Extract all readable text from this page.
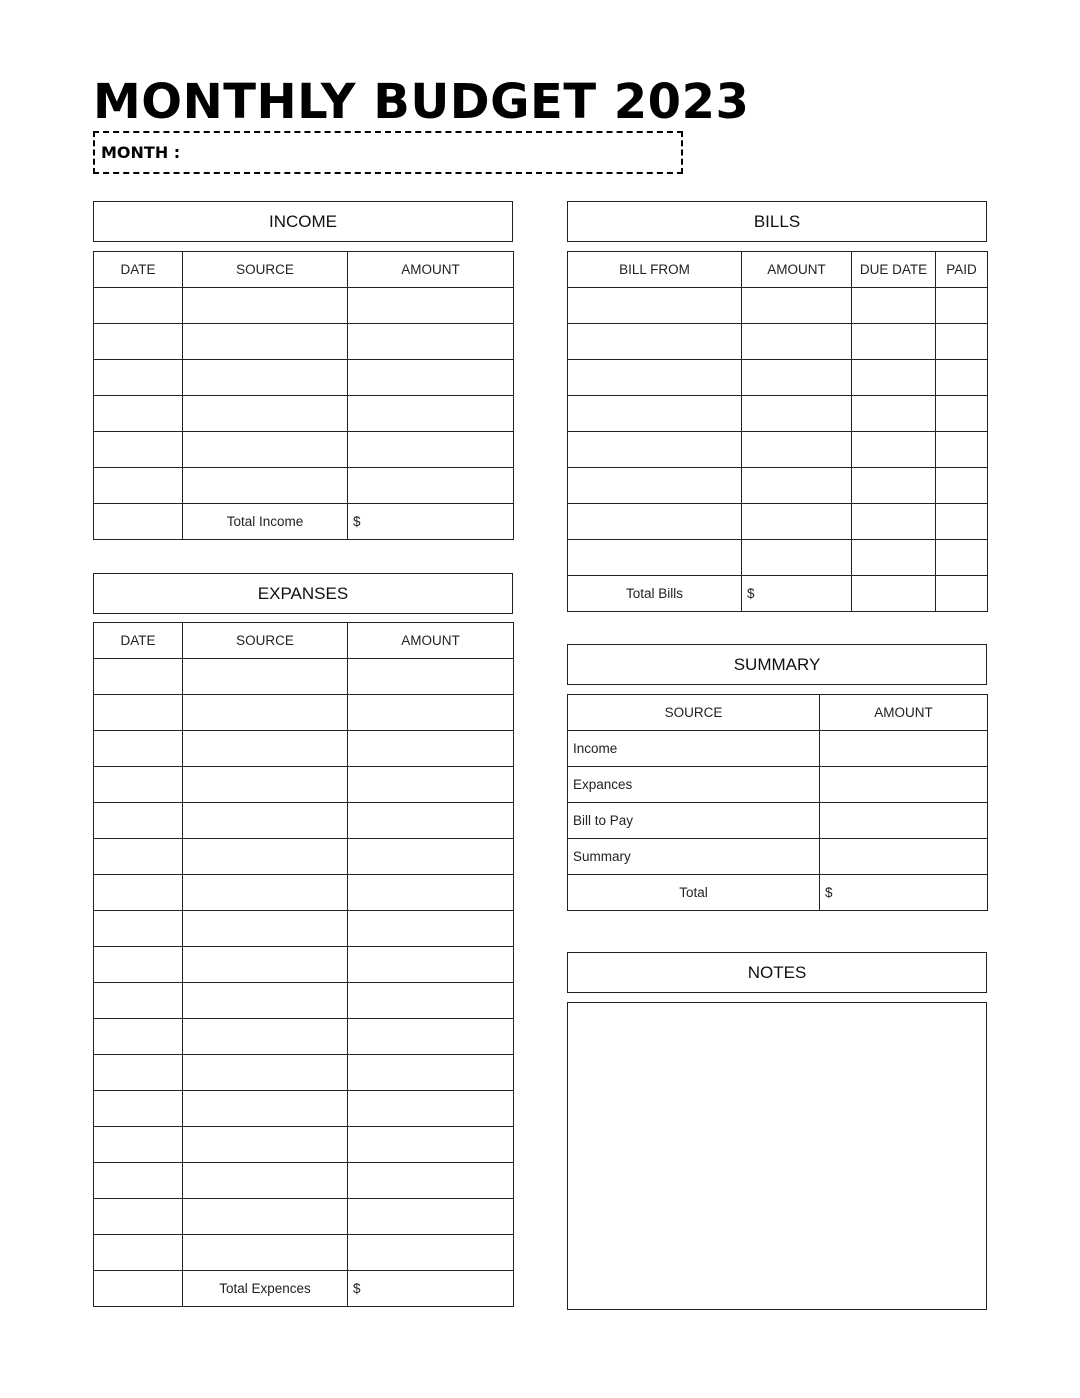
MONTHLY BUDGET 2023
MONTH :
INCOME
DATE	SOURCE	AMOUNT

	Total Income	$
EXPANSES
DATE	SOURCE	AMOUNT

	Total Expences	$
BILLS
BILL FROM	AMOUNT	DUE DATE	PAID

Total Bills	$		
SUMMARY
SOURCE	AMOUNT
Income	
Expances	
Bill to Pay	
Summary	
Total	$
NOTES
